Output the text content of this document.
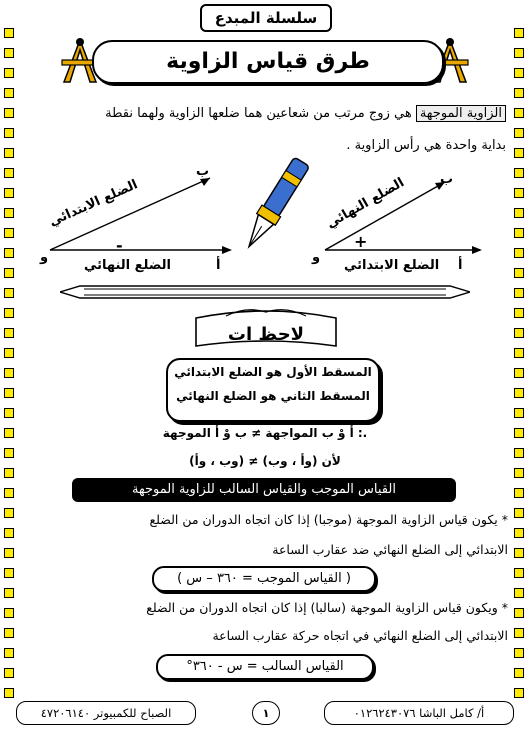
سلسلة المبدع
طرق قياس الزاوية
الزاوية الموجهة هي زوج مرتب من شعاعين هما ضلعها الزاوية ولهما نقطة
بداية واحدة هي رأس الزاوية .
ب
الضلع الابتدائي
-
و
أ
الضلع النهائي
ب
الضلع النهائي
+
و
أ
الضلع الابتدائي
لاحظ ات
المسقط الأول هو الضلع الابتدائي
المسقط الثاني هو الضلع النهائي
.: أ وْ ب المواجهة ≠ ب وْ أ الموجهة
لأن (وأ ، وب) ≠ (وب ، وأ)
القياس الموجب والقياس السالب للزاوية الموجهة
* يكون قياس الزاوية الموجهة (موجبا) إذا كان اتجاه الدوران من الضلع
الابتدائي إلى الضلع النهائي ضد عقارب الساعة
( القياس الموجب = ٣٦٠ – س )
* ويكون قياس الزاوية الموجهة (سالبا) إذا كان اتجاه الدوران من الضلع
الابتدائي إلى الضلع النهائي في اتجاه حركة عقارب الساعة
القياس السالب = س - ٣٦٠°
أ/ كامل الباشا ٠١٢٦٢٤٣٠٧٦
١
الصباح للكمبيوتر ٤٧٢٠٦١٤٠
